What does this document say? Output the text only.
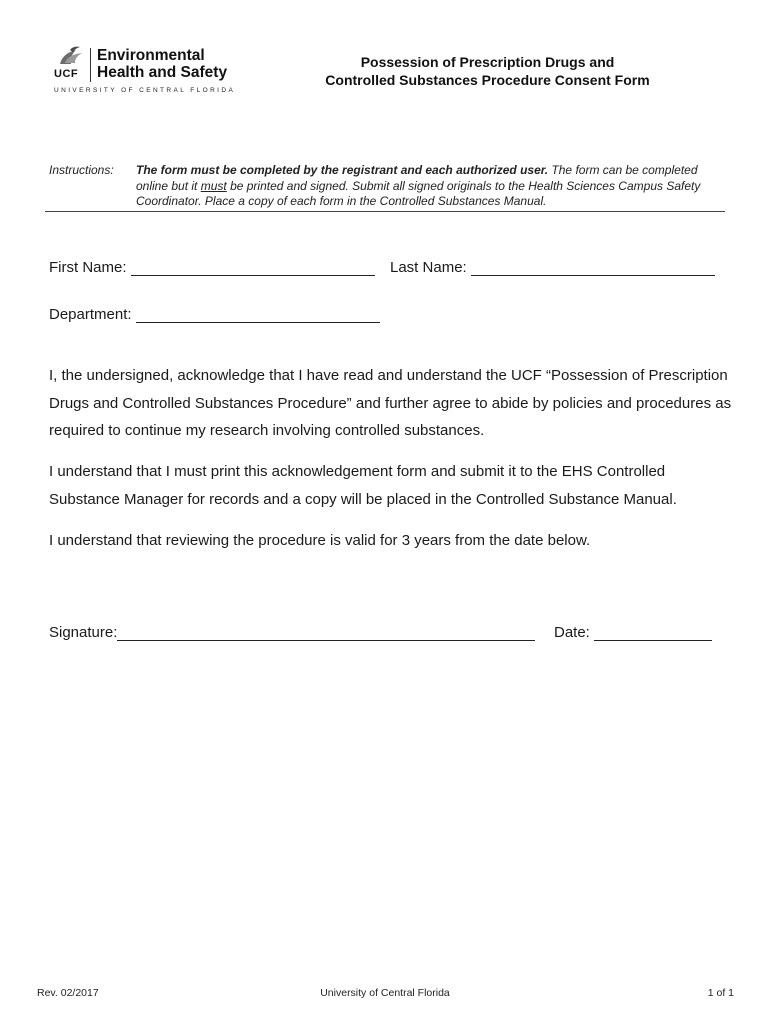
UCF
Environmental
Health and Safety
UNIVERSITY OF CENTRAL FLORIDA
Possession of Prescription Drugs and
Controlled Substances Procedure Consent Form
Instructions: The form must be completed by the registrant and each authorized user. The form can be completed online but it must be printed and signed. Submit all signed originals to the Health Sciences Campus Safety Coordinator. Place a copy of each form in the Controlled Substances Manual.
First Name:	Last Name:
Department:
I, the undersigned, acknowledge that I have read and understand the UCF “Possession of Prescription Drugs and Controlled Substances Procedure” and further agree to abide by policies and procedures as required to continue my research involving controlled substances.
I understand that I must print this acknowledgement form and submit it to the EHS Controlled Substance Manager for records and a copy will be placed in the Controlled Substance Manual.
I understand that reviewing the procedure is valid for 3 years from the date below.
Signature:	Date:
Rev. 02/2017	University of Central Florida	1 of 1
